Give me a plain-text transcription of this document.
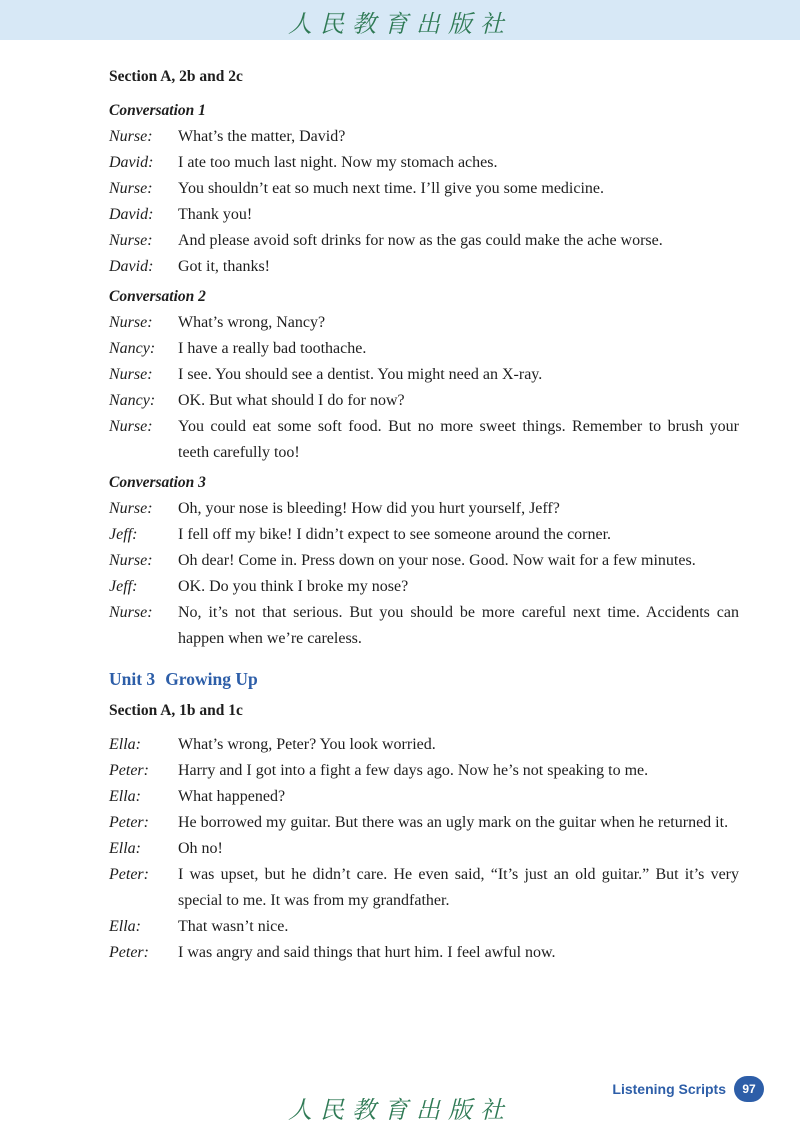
人民教育出版社
Section A, 2b and 2c
Conversation 1
Nurse:	What’s the matter, David?
David:	I ate too much last night. Now my stomach aches.
Nurse:	You shouldn’t eat so much next time. I’ll give you some medicine.
David:	Thank you!
Nurse:	And please avoid soft drinks for now as the gas could make the ache worse.
David:	Got it, thanks!
Conversation 2
Nurse:	What’s wrong, Nancy?
Nancy:	I have a really bad toothache.
Nurse:	I see. You should see a dentist. You might need an X-ray.
Nancy:	OK. But what should I do for now?
Nurse:	You could eat some soft food. But no more sweet things. Remember to brush your teeth carefully too!
Conversation 3
Nurse:	Oh, your nose is bleeding! How did you hurt yourself, Jeff?
Jeff:	I fell off my bike! I didn’t expect to see someone around the corner.
Nurse:	Oh dear! Come in. Press down on your nose. Good. Now wait for a few minutes.
Jeff:	OK. Do you think I broke my nose?
Nurse:	No, it’s not that serious. But you should be more careful next time. Accidents can happen when we’re careless.
Unit 3 Growing Up
Section A, 1b and 1c
Ella:	What’s wrong, Peter? You look worried.
Peter:	Harry and I got into a fight a few days ago. Now he’s not speaking to me.
Ella:	What happened?
Peter:	He borrowed my guitar. But there was an ugly mark on the guitar when he returned it.
Ella:	Oh no!
Peter:	I was upset, but he didn’t care. He even said, “It’s just an old guitar.” But it’s very special to me. It was from my grandfather.
Ella:	That wasn’t nice.
Peter:	I was angry and said things that hurt him. I feel awful now.
人民教育出版社
Listening Scripts	97
